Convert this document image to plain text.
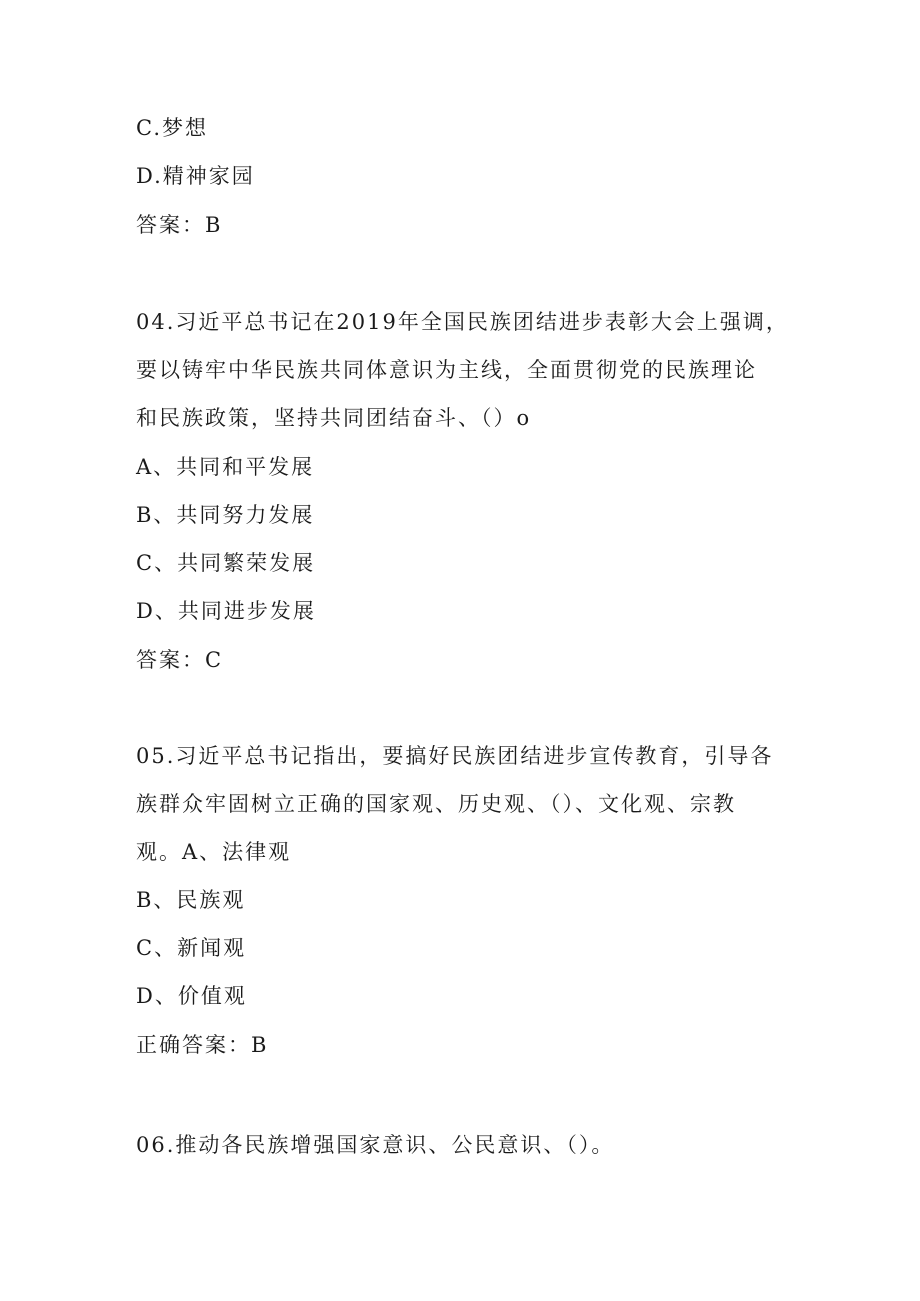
C.梦想
D.精神家园
答案：B
04.习近平总书记在2019年全国民族团结进步表彰大会上强调，
要以铸牢中华民族共同体意识为主线，全面贯彻党的民族理论
和民族政策，坚持共同团结奋斗、（）o
A、共同和平发展
B、共同努力发展
C、共同繁荣发展
D、共同进步发展
答案：C
05.习近平总书记指出，要搞好民族团结进步宣传教育，引导各
族群众牢固树立正确的国家观、历史观、（）、文化观、宗教
观。A、法律观
B、民族观
C、新闻观
D、价值观
正确答案：B
06.推动各民族增强国家意识、公民意识、（）。
